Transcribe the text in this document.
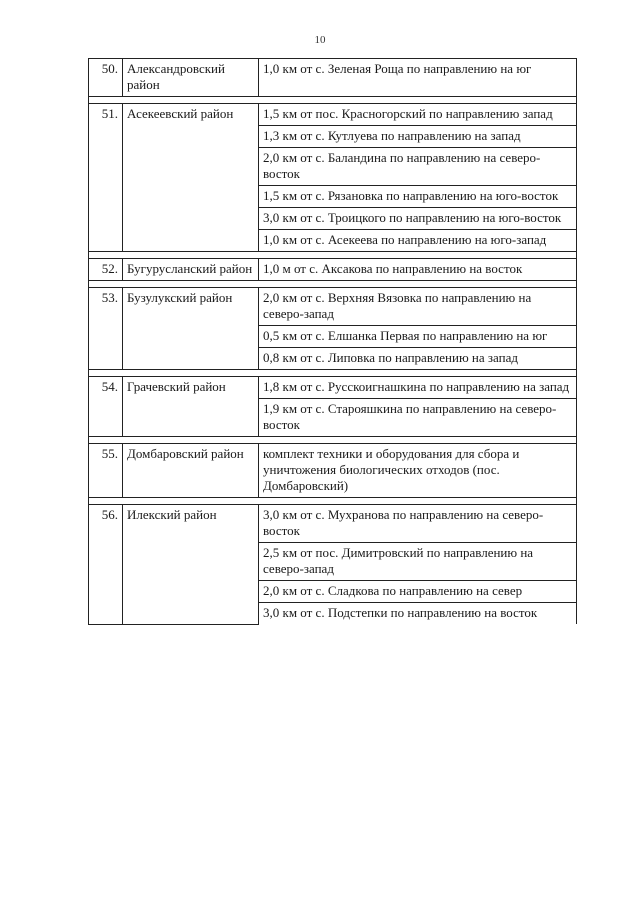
10
50.	Александровский район	1,0 км от с. Зеленая Роща по направлению на юг

51.	Асекеевский район	1,5 км от пос. Красногорский по направлению запад
		1,3 км от с. Кутлуева по направлению на запад
		2,0 км от с. Баландина по направлению на северо-восток
		1,5 км от с. Рязановка по направлению на юго-восток
		3,0 км от с. Троицкого по направлению на юго-восток
		1,0 км от с. Асекеева по направлению на юго-запад

52.	Бугурусланский район	1,0 м от с. Аксакова по направлению на восток

53.	Бузулукский район	2,0 км от с. Верхняя Вязовка по направлению на северо-запад
		0,5 км от с. Елшанка Первая по направлению на юг
		0,8 км от с. Липовка по направлению на запад

54.	Грачевский район	1,8 км от с. Русскоигнашкина по направлению на запад
		1,9 км от с. Старояшкина по направлению на северо-восток

55.	Домбаровский район	комплект техники и оборудования для сбора и уничтожения биологических отходов (пос. Домбаровский)

56.	Илекский район	3,0 км от с. Мухранова по направлению на северо-восток
		2,5 км от пос. Димитровский по направлению на северо-запад
		2,0 км от с. Сладкова по направлению на север
		3,0 км от с. Подстепки по направлению на восток
